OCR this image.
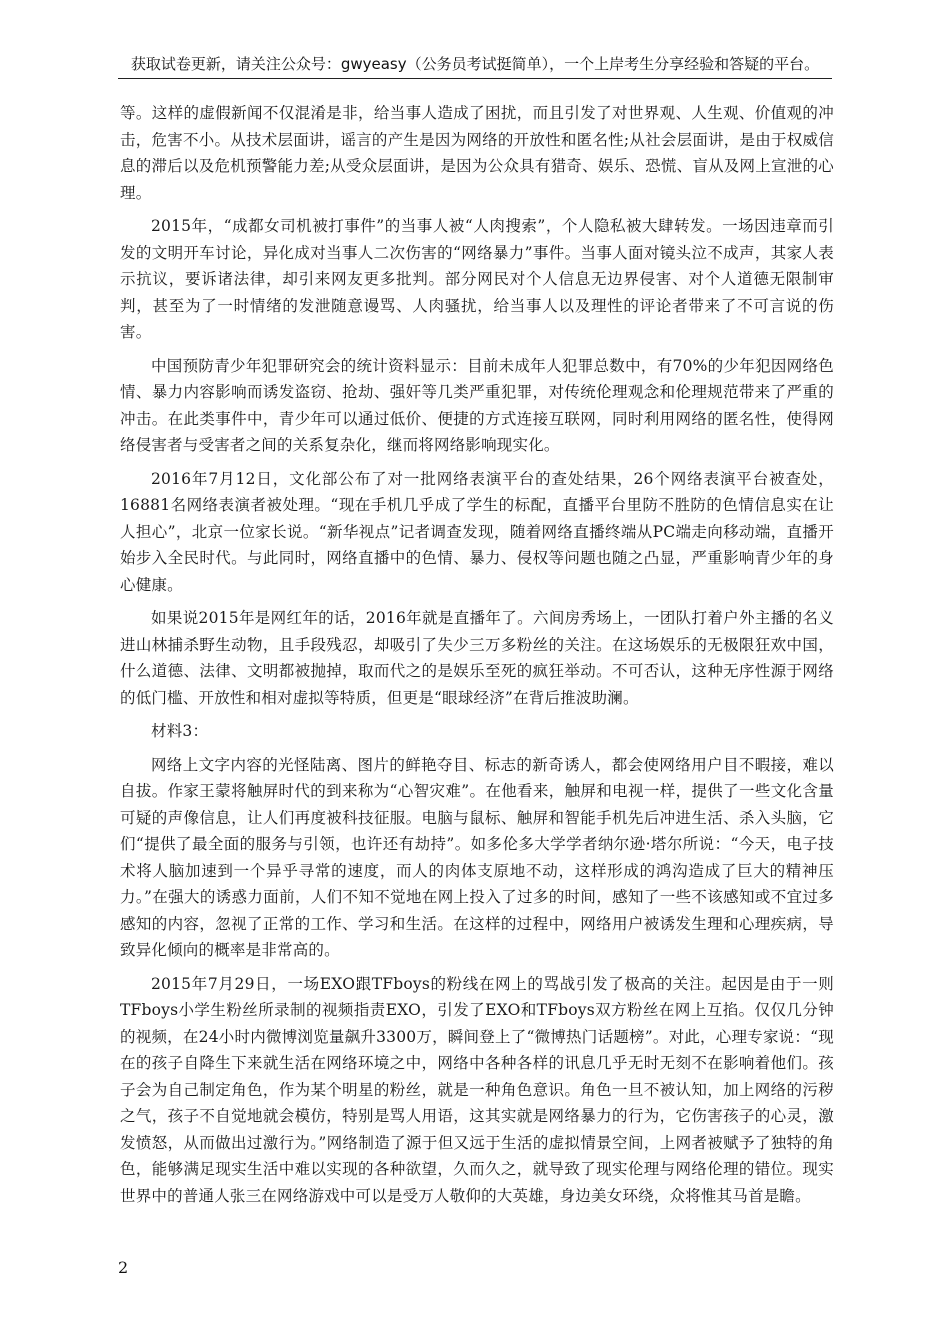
获取试卷更新，请关注公众号：gwyeasy（公务员考试挺简单），一个上岸考生分享经验和答疑的平台。

等。这样的虚假新闻不仅混淆是非，给当事人造成了困扰，而且引发了对世界观、人生观、价值观的冲击，危害不小。从技术层面讲，谣言的产生是因为网络的开放性和匿名性;从社会层面讲，是由于权威信息的滞后以及危机预警能力差;从受众层面讲，是因为公众具有猎奇、娱乐、恐慌、盲从及网上宣泄的心理。

2015年，“成都女司机被打事件”的当事人被“人肉搜索”，个人隐私被大肆转发。一场因违章而引发的文明开车讨论，异化成对当事人二次伤害的“网络暴力”事件。当事人面对镜头泣不成声，其家人表示抗议，要诉诸法律，却引来网友更多批判。部分网民对个人信息无边界侵害、对个人道德无限制审判，甚至为了一时情绪的发泄随意谩骂、人肉骚扰，给当事人以及理性的评论者带来了不可言说的伤害。

中国预防青少年犯罪研究会的统计资料显示：目前未成年人犯罪总数中，有70%的少年犯因网络色情、暴力内容影响而诱发盗窃、抢劫、强奸等几类严重犯罪，对传统伦理观念和伦理规范带来了严重的冲击。在此类事件中，青少年可以通过低价、便捷的方式连接互联网，同时利用网络的匿名性，使得网络侵害者与受害者之间的关系复杂化，继而将网络影响现实化。

2016年7月12日，文化部公布了对一批网络表演平台的查处结果，26个网络表演平台被查处，16881名网络表演者被处理。“现在手机几乎成了学生的标配，直播平台里防不胜防的色情信息实在让人担心”，北京一位家长说。“新华视点”记者调查发现，随着网络直播终端从PC端走向移动端，直播开始步入全民时代。与此同时，网络直播中的色情、暴力、侵权等问题也随之凸显，严重影响青少年的身心健康。

如果说2015年是网红年的话，2016年就是直播年了。六间房秀场上，一团队打着户外主播的名义进山林捕杀野生动物，且手段残忍，却吸引了失少三万多粉丝的关注。在这场娱乐的无极限狂欢中国，什么道德、法律、文明都被抛掉，取而代之的是娱乐至死的疯狂举动。不可否认，这种无序性源于网络的低门槛、开放性和相对虚拟等特质，但更是“眼球经济”在背后推波助澜。

材料3：

网络上文字内容的光怪陆离、图片的鲜艳夺目、标志的新奇诱人，都会使网络用户目不暇接，难以自拔。作家王蒙将触屏时代的到来称为“心智灾难”。在他看来，触屏和电视一样，提供了一些文化含量可疑的声像信息，让人们再度被科技征服。电脑与鼠标、触屏和智能手机先后冲进生活、杀入头脑，它们“提供了最全面的服务与引领，也许还有劫持”。如多伦多大学学者纳尔逊·塔尔所说：“今天，电子技术将人脑加速到一个异乎寻常的速度，而人的肉体支原地不动，这样形成的鸿沟造成了巨大的精神压力。”在强大的诱惑力面前，人们不知不觉地在网上投入了过多的时间，感知了一些不该感知或不宜过多感知的内容，忽视了正常的工作、学习和生活。在这样的过程中，网络用户被诱发生理和心理疾病，导致异化倾向的概率是非常高的。

2015年7月29日，一场EXO跟TFboys的粉线在网上的骂战引发了极高的关注。起因是由于一则TFboys小学生粉丝所录制的视频指责EXO，引发了EXO和TFboys双方粉丝在网上互掐。仅仅几分钟的视频，在24小时内微博浏览量飙升3300万，瞬间登上了“微博热门话题榜”。对此，心理专家说：“现在的孩子自降生下来就生活在网络环境之中，网络中各种各样的讯息几乎无时无刻不在影响着他们。孩子会为自己制定角色，作为某个明星的粉丝，就是一种角色意识。角色一旦不被认知，加上网络的污秽之气，孩子不自觉地就会模仿，特别是骂人用语，这其实就是网络暴力的行为，它伤害孩子的心灵，激发愤怒，从而做出过激行为。”网络制造了源于但又远于生活的虚拟情景空间，上网者被赋予了独特的角色，能够满足现实生活中难以实现的各种欲望，久而久之，就导致了现实伦理与网络伦理的错位。现实世界中的普通人张三在网络游戏中可以是受万人敬仰的大英雄，身边美女环绕，众将惟其马首是瞻。

2
